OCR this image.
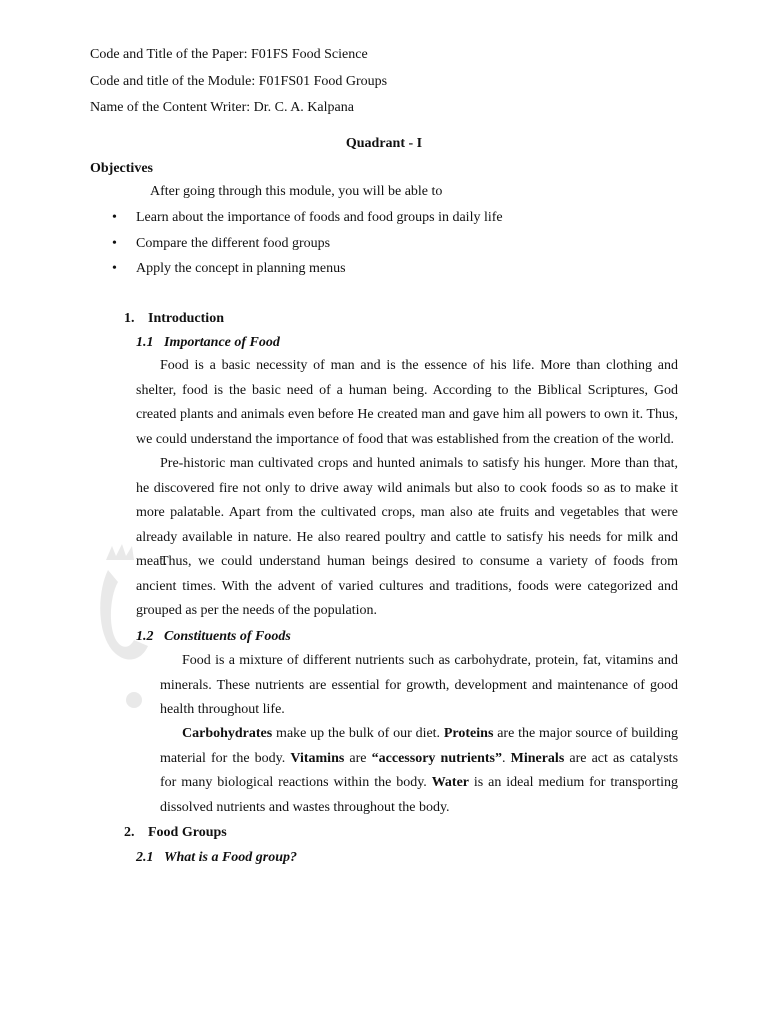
Code and Title of the Paper: F01FS Food Science
Code and title of the Module: F01FS01 Food Groups
Name of the Content Writer: Dr. C. A. Kalpana
Quadrant - I
Objectives
After going through this module, you will be able to
•	Learn about the importance of foods and food groups in daily life
•	Compare the different food groups
•	Apply the concept in planning menus
1. Introduction
1.1 Importance of Food
Food is a basic necessity of man and is the essence of his life. More than clothing and shelter, food is the basic need of a human being. According to the Biblical Scriptures, God created plants and animals even before He created man and gave him all powers to own it. Thus, we could understand the importance of food that was established from the creation of the world.
Pre-historic man cultivated crops and hunted animals to satisfy his hunger. More than that, he discovered fire not only to drive away wild animals but also to cook foods so as to make it more palatable. Apart from the cultivated crops, man also ate fruits and vegetables that were already available in nature. He also reared poultry and cattle to satisfy his needs for milk and meat.
Thus, we could understand human beings desired to consume a variety of foods from ancient times. With the advent of varied cultures and traditions, foods were categorized and grouped as per the needs of the population.
1.2 Constituents of Foods
Food is a mixture of different nutrients such as carbohydrate, protein, fat, vitamins and minerals. These nutrients are essential for growth, development and maintenance of good health throughout life.
Carbohydrates make up the bulk of our diet. Proteins are the major source of building material for the body. Vitamins are “accessory nutrients”. Minerals are act as catalysts for many biological reactions within the body. Water is an ideal medium for transporting dissolved nutrients and wastes throughout the body.
2. Food Groups
2.1 What is a Food group?
